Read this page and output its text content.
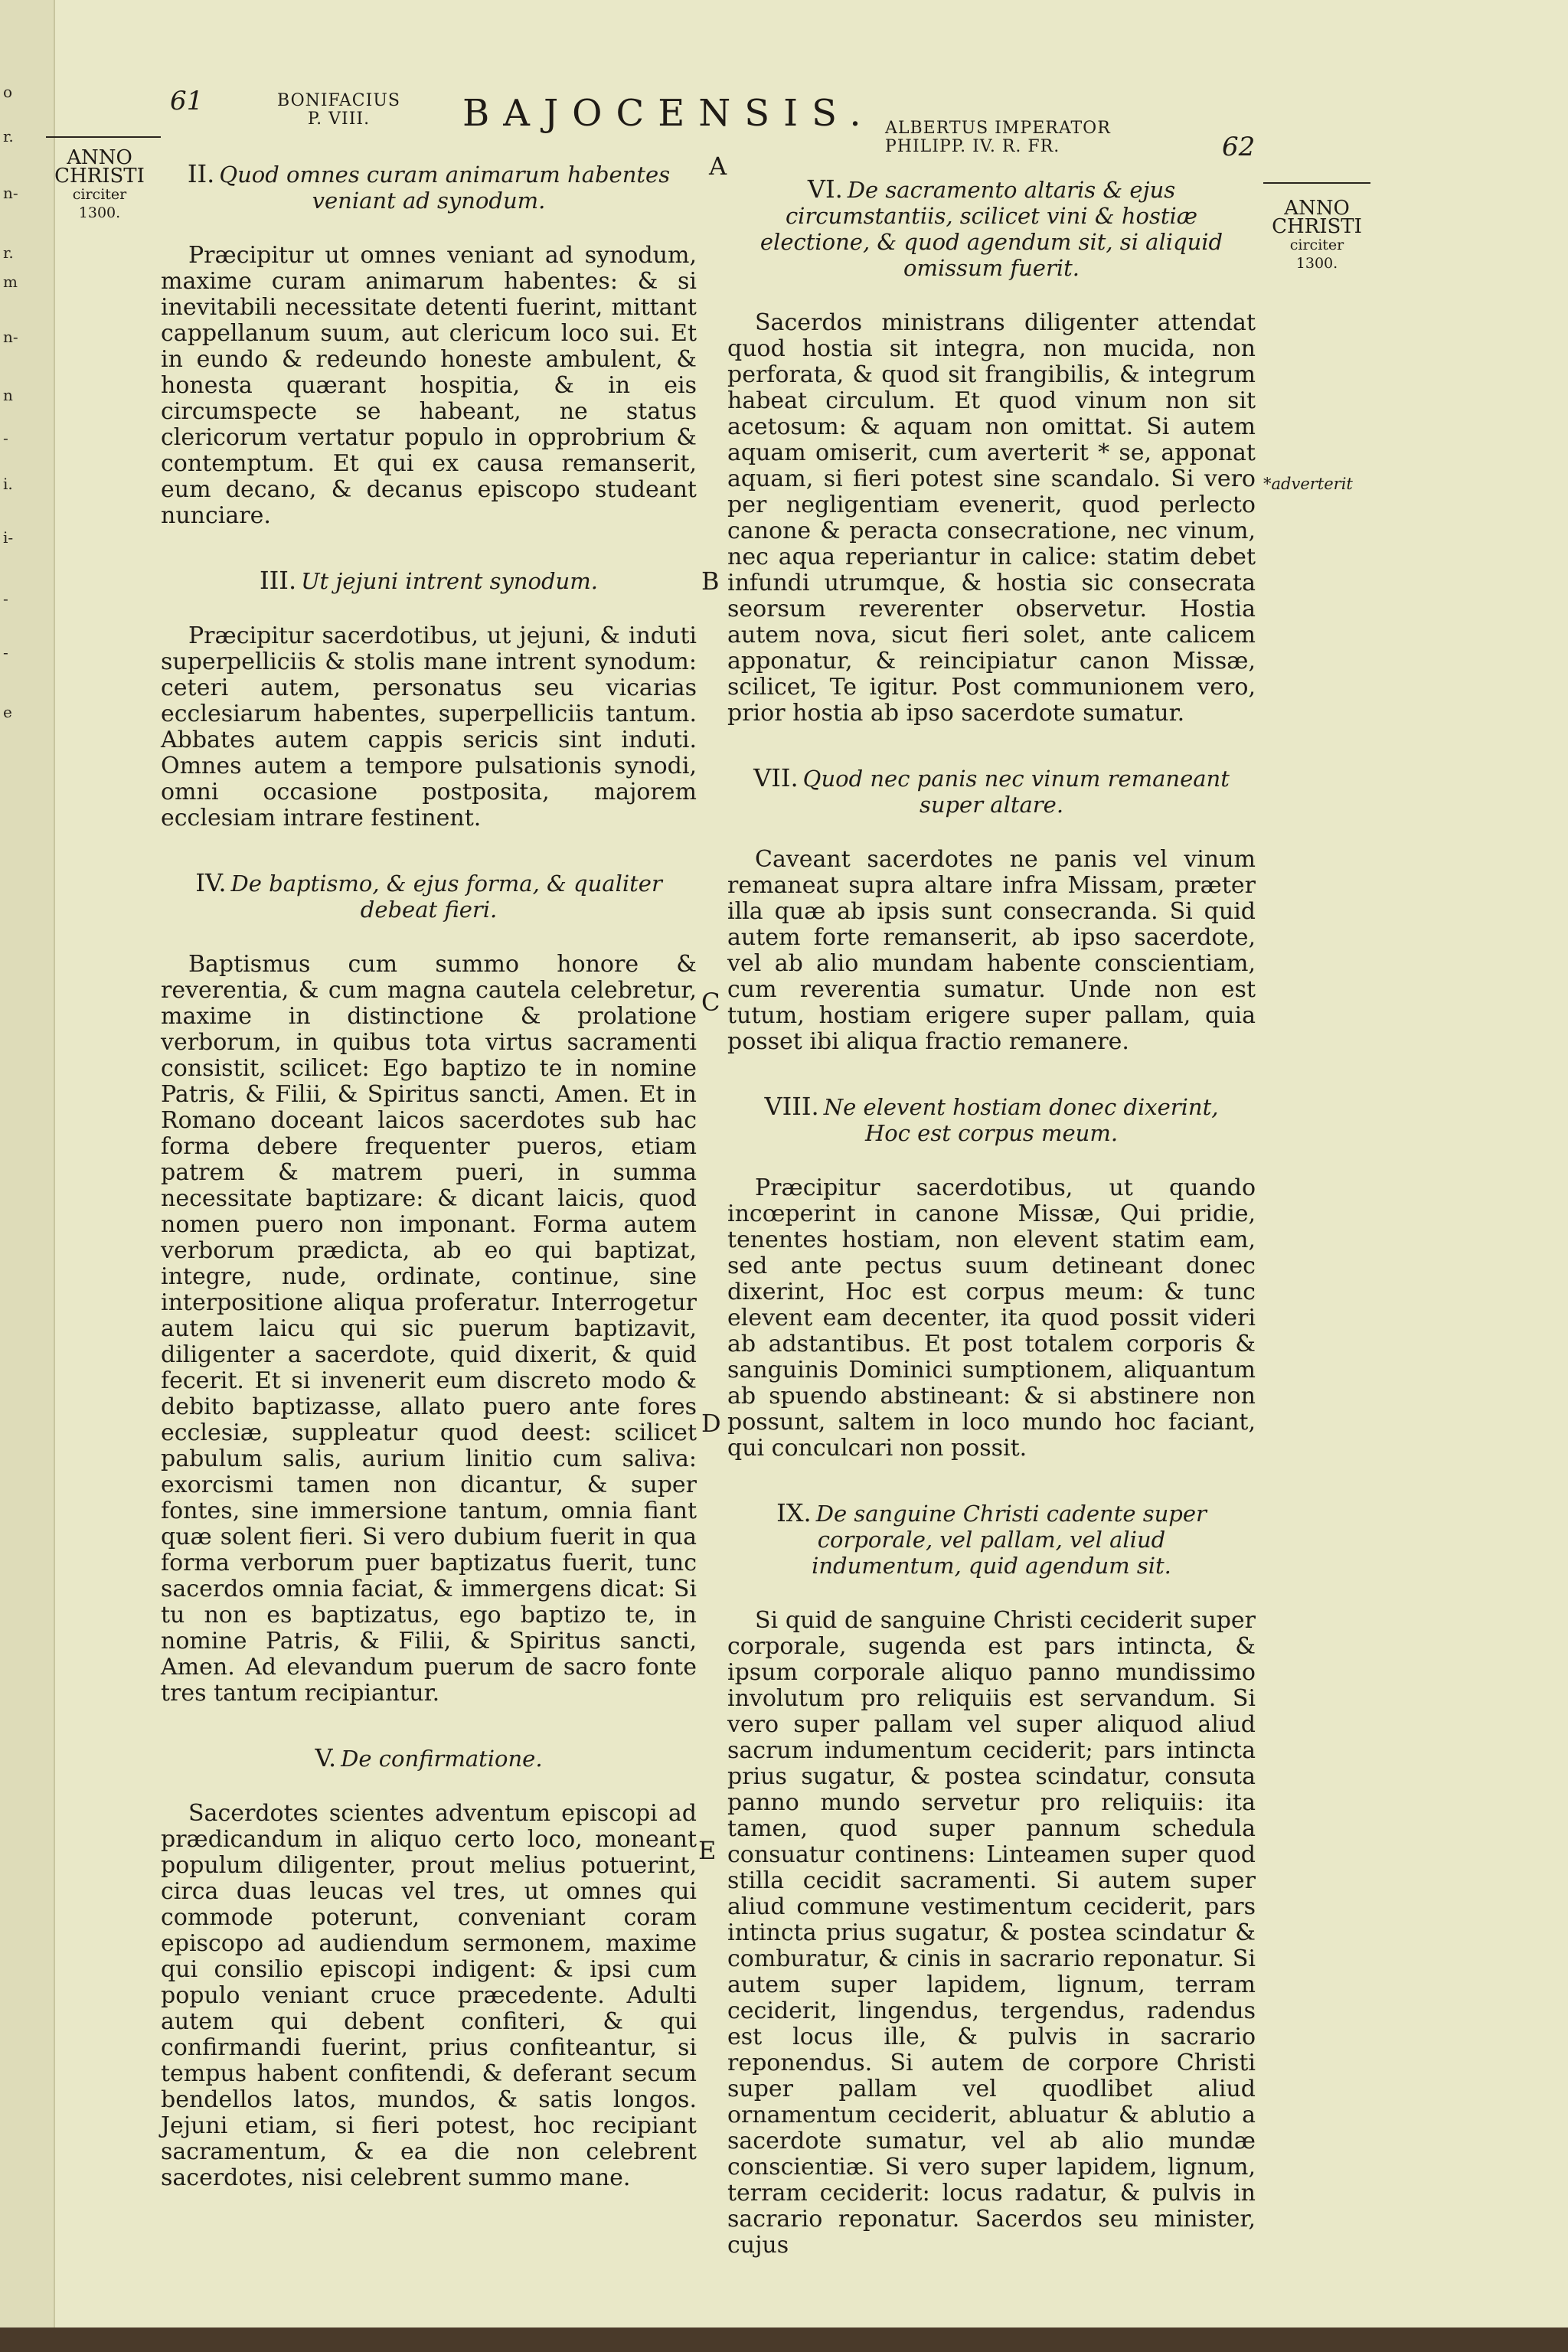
o
r.
n-
r.
m
n-
n
-
i.
i-
-
-
e
61	BONIFACIUS
P. VIII.	BAJOCENSIS. ALBERTUS IMPERATOR
PHILIPP. IV. R. FR.	62
ANNO
CHRISTI
circiter
1300.	ANNO
CHRISTI
circiter
1300.
*adverterit
A
B
C
D
E
II. Quod omnes curam animarum habentes veniant ad synodum.

Præcipitur ut omnes veniant ad synodum, maxime curam animarum habentes: & si inevitabili necessitate detenti fuerint, mittant cappellanum suum, aut clericum loco sui. Et in eundo & redeundo honeste ambulent, & honesta quærant hospitia, & in eis circumspecte se habeant, ne status clericorum vertatur populo in opprobrium & contemptum. Et qui ex causa remanserit, eum decano, & decanus episcopo studeant nunciare.

III. Ut jejuni intrent synodum.

Præcipitur sacerdotibus, ut jejuni, & induti superpelliciis & stolis mane intrent synodum: ceteri autem, personatus seu vicarias ecclesiarum habentes, superpelliciis tantum. Abbates autem cappis sericis sint induti. Omnes autem a tempore pulsationis synodi, omni occasione postposita, majorem ecclesiam intrare festinent.

IV. De baptismo, & ejus forma, & qualiter debeat fieri.

Baptismus cum summo honore & reverentia, & cum magna cautela celebretur, maxime in distinctione & prolatione verborum, in quibus tota virtus sacramenti consistit, scilicet: Ego baptizo te in nomine Patris, & Filii, & Spiritus sancti, Amen. Et in Romano doceant laicos sacerdotes sub hac forma debere frequenter pueros, etiam patrem & matrem pueri, in summa necessitate baptizare: & dicant laicis, quod nomen puero non imponant. Forma autem verborum prædicta, ab eo qui baptizat, integre, nude, ordinate, continue, sine interpositione aliqua proferatur. Interrogetur autem laicu qui sic puerum baptizavit, diligenter a sacerdote, quid dixerit, & quid fecerit. Et si invenerit eum discreto modo & debito baptizasse, allato puero ante fores ecclesiæ, suppleatur quod deest: scilicet pabulum salis, aurium linitio cum saliva: exorcismi tamen non dicantur, & super fontes, sine immersione tantum, omnia fiant quæ solent fieri. Si vero dubium fuerit in qua forma verborum puer baptizatus fuerit, tunc sacerdos omnia faciat, & immergens dicat: Si tu non es baptizatus, ego baptizo te, in nomine Patris, & Filii, & Spiritus sancti, Amen. Ad elevandum puerum de sacro fonte tres tantum recipiantur.

V. De confirmatione.

Sacerdotes scientes adventum episcopi ad prædicandum in aliquo certo loco, moneant populum diligenter, prout melius potuerint, circa duas leucas vel tres, ut omnes qui commode poterunt, conveniant coram episcopo ad audiendum sermonem, maxime qui consilio episcopi indigent: & ipsi cum populo veniant cruce præcedente. Adulti autem qui debent confiteri, & qui confirmandi fuerint, prius confiteantur, si tempus habent confitendi, & deferant secum bendellos latos, mundos, & satis longos. Jejuni etiam, si fieri potest, hoc recipiant sacramentum, & ea die non celebrent sacerdotes, nisi celebrent summo mane.

VI. De sacramento altaris & ejus circumstantiis, scilicet vini & hostiæ electione, & quod agendum sit, si aliquid omissum fuerit.

Sacerdos ministrans diligenter attendat quod hostia sit integra, non mucida, non perforata, & quod sit frangibilis, & integrum habeat circulum. Et quod vinum non sit acetosum: & aquam non omittat. Si autem aquam omiserit, cum averterit * se, apponat aquam, si fieri potest sine scandalo. Si vero per negligentiam evenerit, quod perlecto canone & peracta consecratione, nec vinum, nec aqua reperiantur in calice: statim debet infundi utrumque, & hostia sic consecrata seorsum reverenter observetur. Hostia autem nova, sicut fieri solet, ante calicem apponatur, & reincipiatur canon Missæ, scilicet, Te igitur. Post communionem vero, prior hostia ab ipso sacerdote sumatur.

VII. Quod nec panis nec vinum remaneant super altare.

Caveant sacerdotes ne panis vel vinum remaneat supra altare infra Missam, præter illa quæ ab ipsis sunt consecranda. Si quid autem forte remanserit, ab ipso sacerdote, vel ab alio mundam habente conscientiam, cum reverentia sumatur. Unde non est tutum, hostiam erigere super pallam, quia posset ibi aliqua fractio remanere.

VIII. Ne elevent hostiam donec dixerint, Hoc est corpus meum.

Præcipitur sacerdotibus, ut quando incœperint in canone Missæ, Qui pridie, tenentes hostiam, non elevent statim eam, sed ante pectus suum detineant donec dixerint, Hoc est corpus meum: & tunc elevent eam decenter, ita quod possit videri ab adstantibus. Et post totalem corporis & sanguinis Dominici sumptionem, aliquantum ab spuendo abstineant: & si abstinere non possunt, saltem in loco mundo hoc faciant, qui conculcari non possit.

IX. De sanguine Christi cadente super corporale, vel pallam, vel aliud indumentum, quid agendum sit.

Si quid de sanguine Christi ceciderit super corporale, sugenda est pars intincta, & ipsum corporale aliquo panno mundissimo involutum pro reliquiis est servandum. Si vero super pallam vel super aliquod aliud sacrum indumentum ceciderit; pars intincta prius sugatur, & postea scindatur, consuta panno mundo servetur pro reliquiis: ita tamen, quod super pannum schedula consuatur continens: Linteamen super quod stilla cecidit sacramenti. Si autem super aliud commune vestimentum ceciderit, pars intincta prius sugatur, & postea scindatur & comburatur, & cinis in sacrario reponatur. Si autem super lapidem, lignum, terram ceciderit, lingendus, tergendus, radendus est locus ille, & pulvis in sacrario reponendus. Si autem de corpore Christi super pallam vel quodlibet aliud ornamentum ceciderit, abluatur & ablutio a sacerdote sumatur, vel ab alio mundæ conscientiæ. Si vero super lapidem, lignum, terram ceciderit: locus radatur, & pulvis in sacrario reponatur. Sacerdos seu minister, cujus
